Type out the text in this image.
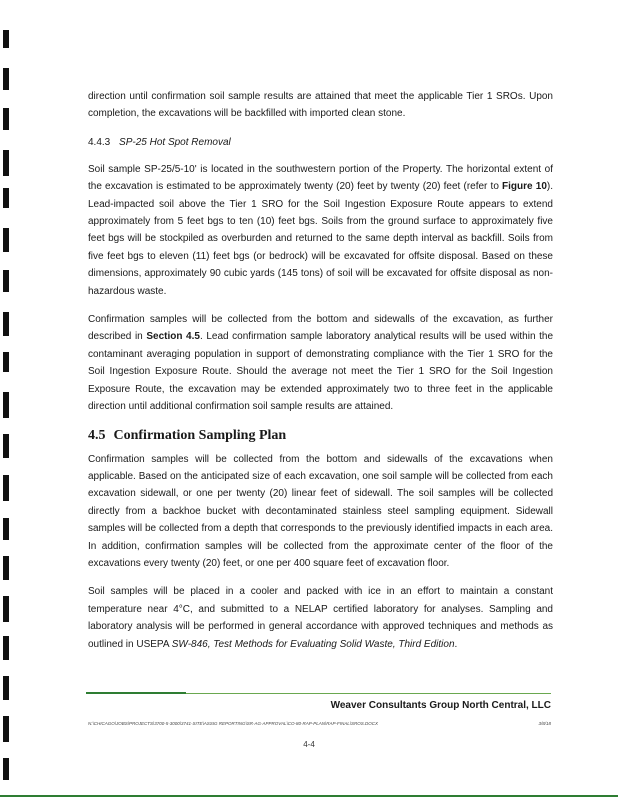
direction until confirmation soil sample results are attained that meet the applicable Tier 1 SROs. Upon completion, the excavations will be backfilled with imported clean stone.

4.4.3 SP-25 Hot Spot Removal

Soil sample SP-25/5-10' is located in the southwestern portion of the Property. The horizontal extent of the excavation is estimated to be approximately twenty (20) feet by twenty (20) feet (refer to Figure 10). Lead-impacted soil above the Tier 1 SRO for the Soil Ingestion Exposure Route appears to extend approximately from 5 feet bgs to ten (10) feet bgs. Soils from the ground surface to approximately five feet bgs will be stockpiled as overburden and returned to the same depth interval as backfill. Soils from five feet bgs to eleven (11) feet bgs (or bedrock) will be excavated for offsite disposal. Based on these dimensions, approximately 90 cubic yards (145 tons) of soil will be excavated for offsite disposal as non-hazardous waste.

Confirmation samples will be collected from the bottom and sidewalls of the excavation, as further described in Section 4.5. Lead confirmation sample laboratory analytical results will be used within the contaminant averaging population in support of demonstrating compliance with the Tier 1 SRO for the Soil Ingestion Exposure Route. Should the average not meet the Tier 1 SRO for the Soil Ingestion Exposure Route, the excavation may be extended approximately two to three feet in the applicable direction until additional confirmation soil sample results are attained.

4.5 Confirmation Sampling Plan

Confirmation samples will be collected from the bottom and sidewalls of the excavations when applicable. Based on the anticipated size of each excavation, one soil sample will be collected from each excavation sidewall, or one per twenty (20) linear feet of sidewall. The soil samples will be collected directly from a backhoe bucket with decontaminated stainless steel sampling equipment. Sidewall samples will be collected from a depth that corresponds to the previously identified impacts in each area. In addition, confirmation samples will be collected from the approximate center of the floor of the excavations every twenty (20) feet, or one per 400 square feet of excavation floor.

Soil samples will be placed in a cooler and packed with ice in an effort to maintain a constant temperature near 4°C, and submitted to a NELAP certified laboratory for analyses. Sampling and laboratory analysis will be performed in general accordance with approved techniques and methods as outlined in USEPA SW-846, Test Methods for Evaluating Solid Waste, Third Edition.

Weaver Consultants Group North Central, LLC
N:\CHICAGO\JOBS\PROJECTS\3700-5-3000\3741-SITE\ASSIG REPORTING\SR-AG-APPROVAL\CO-80-RAP-PLAN\RAP-FINAL\SROS.DOCX	3/8/18
4-4
